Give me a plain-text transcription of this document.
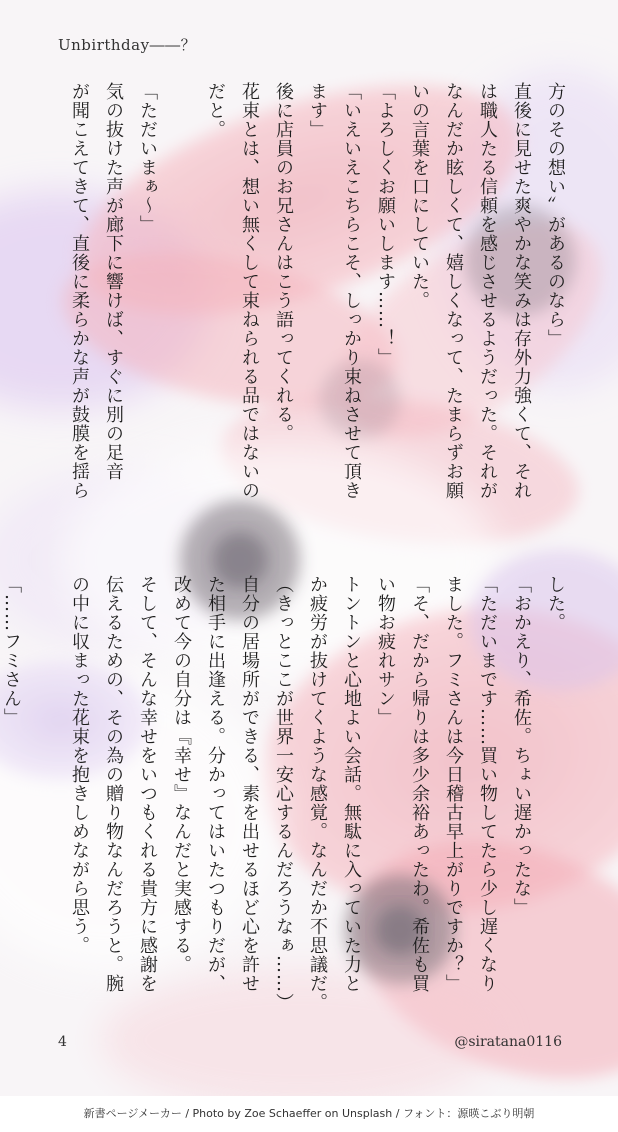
Unbirthday――？
方のその想い〞があるのなら」
直後に見せた爽やかな笑みは存外力強くて、それ
は職人たる信頼を感じさせるようだった。それが
なんだか眩しくて、嬉しくなって、たまらずお願
いの言葉を口にしていた。
「よろしくお願いします……！」
「いえいえこちらこそ、しっかり束ねさせて頂き
ます」
後に店員のお兄さんはこう語ってくれる。
花束とは、想い無くして束ねられる品ではないの
だと。

「ただいまぁ〜」
気の抜けた声が廊下に響けば、すぐに別の足音
が聞こえてきて、直後に柔らかな声が鼓膜を揺ら
した。
「おかえり、希佐。ちょい遅かったな」
「ただいまです……買い物してたら少し遅くなり
ました。フミさんは今日稽古早上がりですか？」
「そ、だから帰りは多少余裕あったわ。希佐も買
い物お疲れサン」
トントンと心地よい会話。無駄に入っていた力と
か疲労が抜けてくような感覚。なんだか不思議だ。
（きっとここが世界一安心するんだろうなぁ……）
自分の居場所ができる、素を出せるほど心を許せ
た相手に出逢える。分かってはいたつもりだが、
改めて今の自分は『幸せ』なんだと実感する。
そして、そんな幸せをいつもくれる貴方に感謝を
伝えるための、その為の贈り物なんだろうと。腕
の中に収まった花束を抱きしめながら思う。

「……フミさん」
4	@siratana0116
新書ページメーカー / Photo by Zoe Schaeffer on Unsplash / フォント：源暎こぶり明朝
